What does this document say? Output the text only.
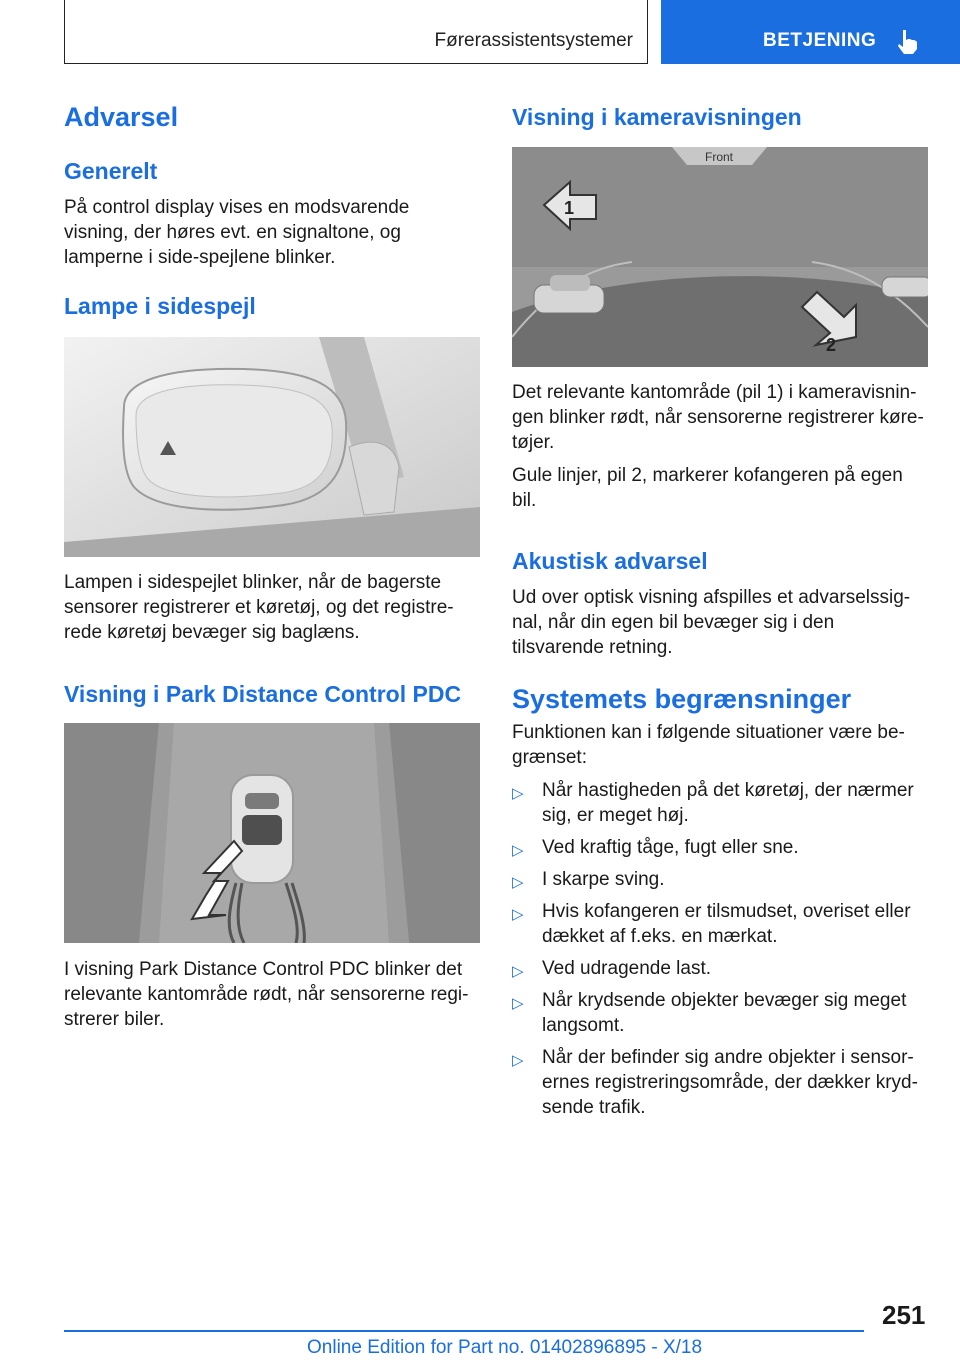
Førerassistentsystemer	BETJENING
Advarsel
Generelt

På control display vises en modsvarende visning, der høres evt. en signaltone, og lamperne i side-spejlene blinker.

Lampe i sidespejl

Lampen i sidespejlet blinker, når de bagerste sensorer registrerer et køretøj, og det registre-rede køretøj bevæger sig baglæns.

Visning i Park Distance Control PDC

I visning Park Distance Control PDC blinker det relevante kantområde rødt, når sensorerne regi-strerer biler.

Visning i kameravisningen
Front
1
2

Det relevante kantområde (pil 1) i kameravisnin-gen blinker rødt, når sensorerne registrerer køre-tøjer.

Gule linjer, pil 2, markerer kofangeren på egen bil.

Akustisk advarsel

Ud over optisk visning afspilles et advarselssig-nal, når din egen bil bevæger sig i den tilsvarende retning.

Systemets begrænsninger

Funktionen kan i følgende situationer være be-grænset:

▷ Når hastigheden på det køretøj, der nærmer sig, er meget høj.
▷ Ved kraftig tåge, fugt eller sne.
▷ I skarpe sving.
▷ Hvis kofangeren er tilsmudset, overiset eller dækket af f.eks. en mærkat.
▷ Ved udragende last.
▷ Når krydsende objekter bevæger sig meget langsomt.
▷ Når der befinder sig andre objekter i sensor-ernes registreringsområde, der dækker kryd-sende trafik.
251
Online Edition for Part no. 01402896895 - X/18
